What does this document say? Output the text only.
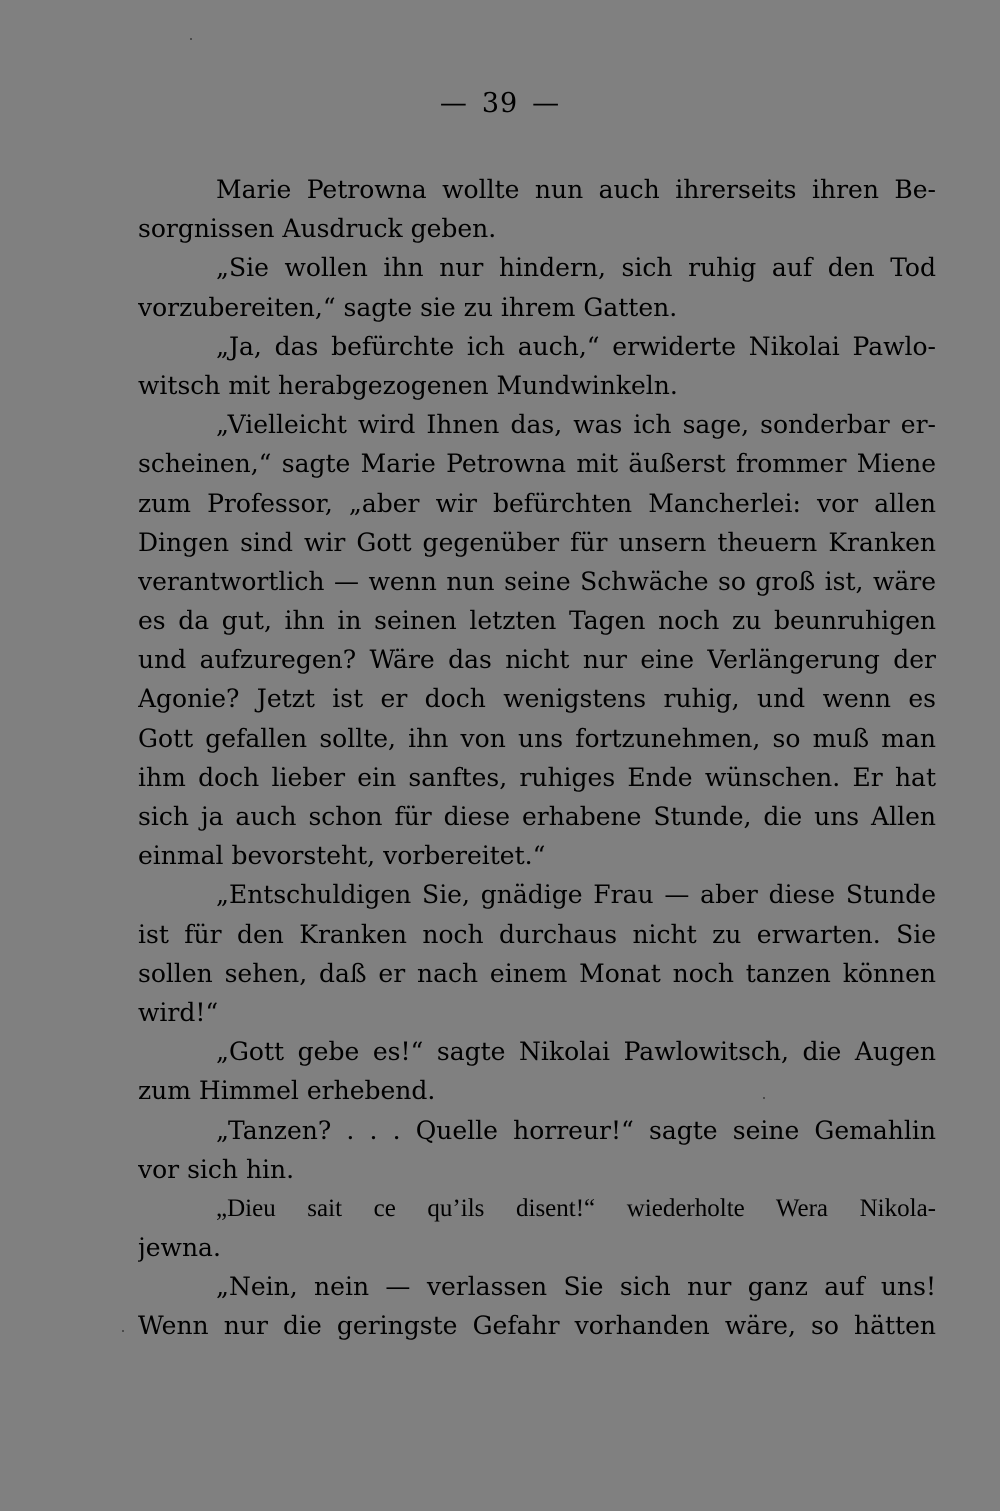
— 39 —
Marie Petrowna wollte nun auch ihrerseits ihren Be-
sorgnissen Ausdruck geben.
„Sie wollen ihn nur hindern, sich ruhig auf den Tod
vorzubereiten,“ sagte sie zu ihrem Gatten.
„Ja, das befürchte ich auch,“ erwiderte Nikolai Pawlo-
witsch mit herabgezogenen Mundwinkeln.
„Vielleicht wird Ihnen das, was ich sage, sonderbar er-
scheinen,“ sagte Marie Petrowna mit äußerst frommer Miene
zum Professor, „aber wir befürchten Mancherlei: vor allen
Dingen sind wir Gott gegenüber für unsern theuern Kranken
verantwortlich — wenn nun seine Schwäche so groß ist, wäre
es da gut, ihn in seinen letzten Tagen noch zu beunruhigen
und aufzuregen? Wäre das nicht nur eine Verlängerung der
Agonie? Jetzt ist er doch wenigstens ruhig, und wenn es
Gott gefallen sollte, ihn von uns fortzunehmen, so muß man
ihm doch lieber ein sanftes, ruhiges Ende wünschen. Er hat
sich ja auch schon für diese erhabene Stunde, die uns Allen
einmal bevorsteht, vorbereitet.“
„Entschuldigen Sie, gnädige Frau — aber diese Stunde
ist für den Kranken noch durchaus nicht zu erwarten. Sie
sollen sehen, daß er nach einem Monat noch tanzen können
wird!“
„Gott gebe es!“ sagte Nikolai Pawlowitsch, die Augen
zum Himmel erhebend.
„Tanzen? . . . Quelle horreur!“ sagte seine Gemahlin
vor sich hin.
„Dieu sait ce qu’ils disent!“ wiederholte Wera Nikola-
jewna.
„Nein, nein — verlassen Sie sich nur ganz auf uns!
Wenn nur die geringste Gefahr vorhanden wäre, so hätten
